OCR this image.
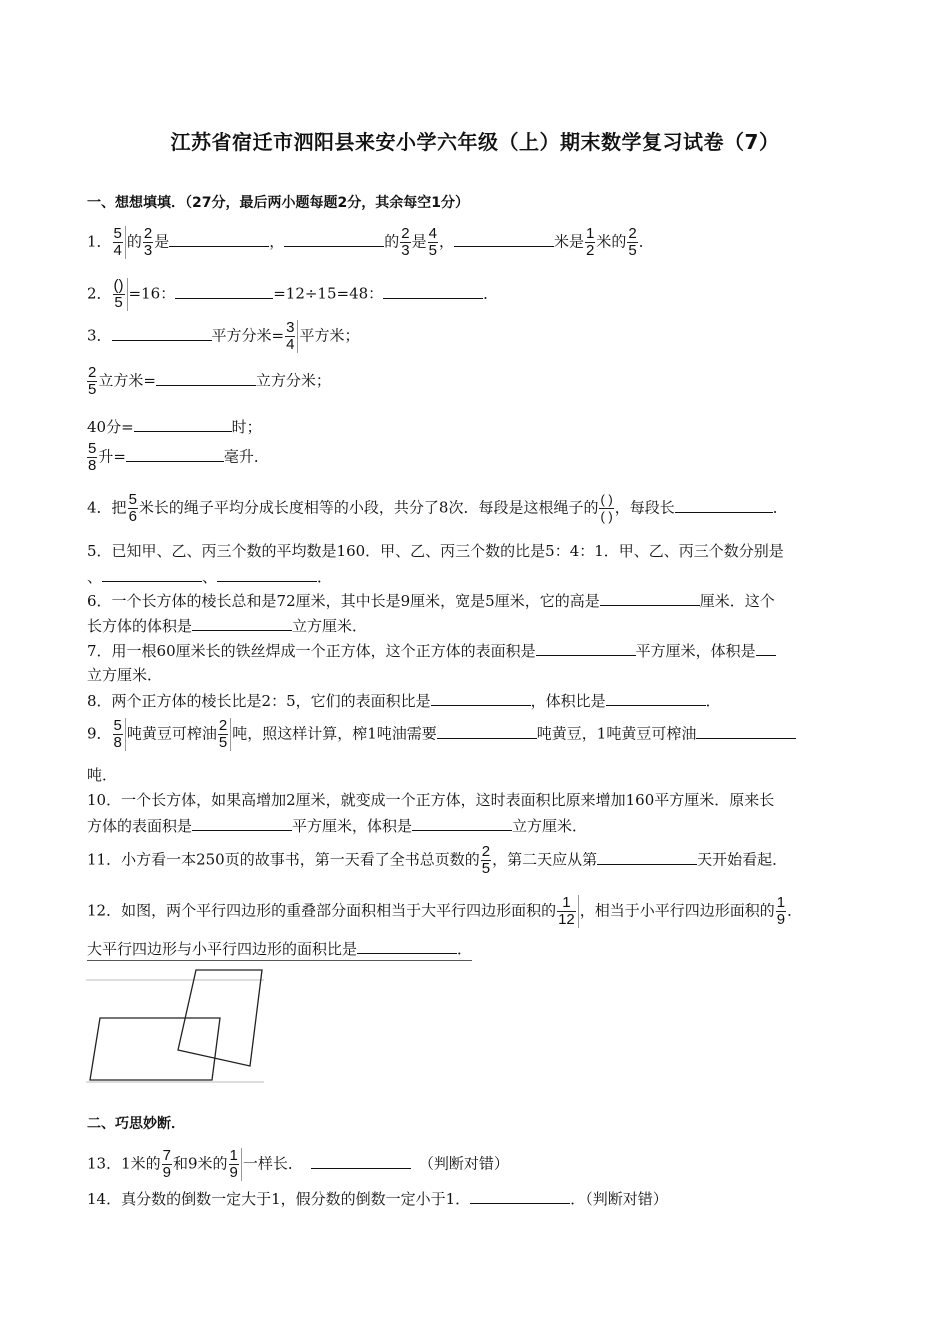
江苏省宿迁市泗阳县来安小学六年级（上）期末数学复习试卷（7）
一、想想填填．（27分，最后两小题每题2分，其余每空1分）
1． $\frac{5}{4}$ 的 $\frac{2}{3}$ 是	，	的 $\frac{2}{3}$ 是 $\frac{4}{5}$ ，	米是 $\frac{1}{2}$ 米的 $\frac{2}{5}$ ．
2． $\frac{()}{5} =16$：	=12÷15=48：	．
3．	平方分米= $\frac{3}{4}$ 平方米；
$\frac{2}{5}$ 立方米=	立方分米；
40分=	时；
$\frac{5}{8}$ 升=	毫升．
4．把 $\frac{5}{6}$ 米长的绳子平均分成长度相等的小段，共分了8次．每段是这根绳子的 $\frac{( )}{( )}$ ，每段长	．
5．已知甲、乙、丙三个数的平均数是160．甲、乙、丙三个数的比是5：4：1．甲、乙、丙三个数分别是
、	、	．
6．一个长方体的棱长总和是72厘米，其中长是9厘米，宽是5厘米，它的高是	厘米．这个
长方体的体积是	立方厘米．
7．用一根60厘米长的铁丝焊成一个正方体，这个正方体的表面积是	平方厘米，体积是
立方厘米．
8．两个正方体的棱长比是2：5，它们的表面积比是	，体积比是	．
9． $\frac{5}{8}$ 吨黄豆可榨油 $\frac{2}{5}$ 吨，照这样计算，榨1吨油需要	吨黄豆，1吨黄豆可榨油
吨．
10．一个长方体，如果高增加2厘米，就变成一个正方体，这时表面积比原来增加160平方厘米．原来长
方体的表面积是	平方厘米，体积是	立方厘米．
11．小方看一本250页的故事书，第一天看了全书总页数的 $\frac{2}{5}$ ，第二天应从第	天开始看起．
12．如图，两个平行四边形的重叠部分面积相当于大平行四边形面积的 $\frac{1}{12}$ ，相当于小平行四边形面积的 $\frac{1}{9}$ ．
大平行四边形与小平行四边形的面积比是	．
二、巧思妙断．
13．1米的 $\frac{7}{9}$ 和9米的 $\frac{1}{9}$ 一样长．	（判断对错）
14．真分数的倒数一定大于1，假分数的倒数一定小于1．	．（判断对错）
